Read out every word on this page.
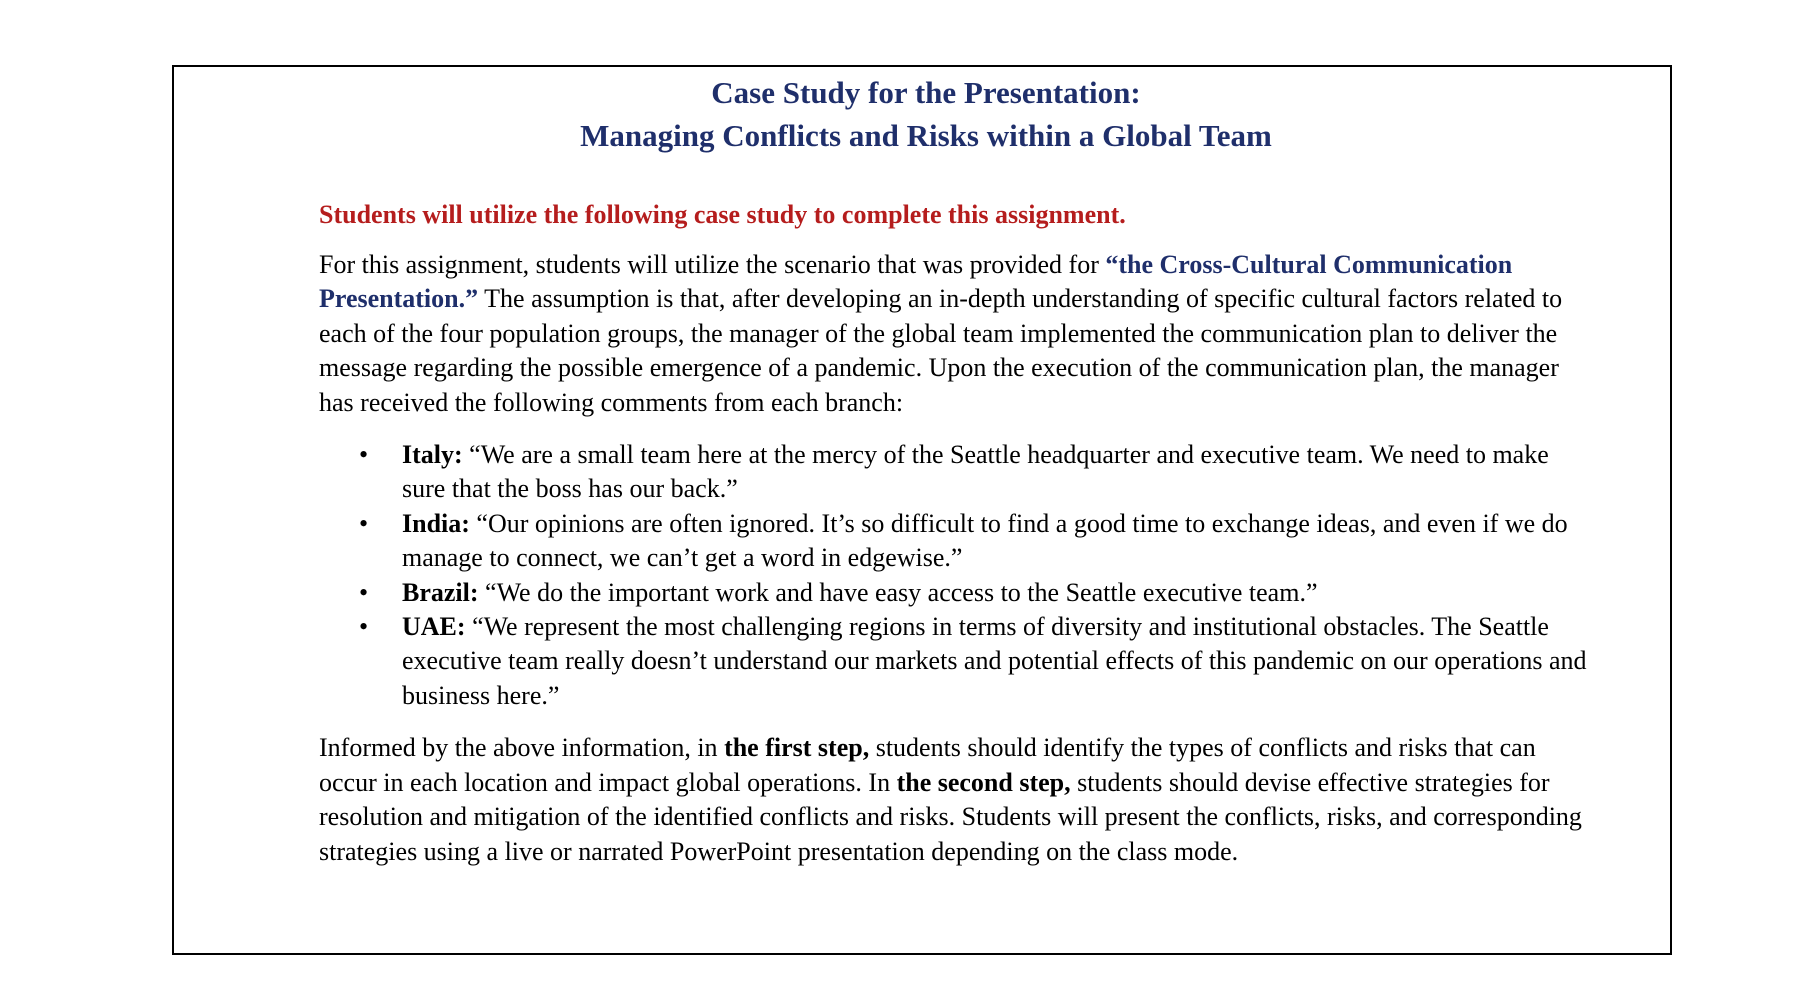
Case Study for the Presentation:
Managing Conflicts and Risks within a Global Team

Students will utilize the following case study to complete this assignment.

For this assignment, students will utilize the scenario that was provided for “the Cross-Cultural Communication Presentation.” The assumption is that, after developing an in-depth understanding of specific cultural factors related to each of the four population groups, the manager of the global team implemented the communication plan to deliver the message regarding the possible emergence of a pandemic. Upon the execution of the communication plan, the manager has received the following comments from each branch:

• Italy: “We are a small team here at the mercy of the Seattle headquarter and executive team. We need to make sure that the boss has our back.”
• India: “Our opinions are often ignored. It’s so difficult to find a good time to exchange ideas, and even if we do manage to connect, we can’t get a word in edgewise.”
• Brazil: “We do the important work and have easy access to the Seattle executive team.”
• UAE: “We represent the most challenging regions in terms of diversity and institutional obstacles. The Seattle executive team really doesn’t understand our markets and potential effects of this pandemic on our operations and business here.”

Informed by the above information, in the first step, students should identify the types of conflicts and risks that can occur in each location and impact global operations. In the second step, students should devise effective strategies for resolution and mitigation of the identified conflicts and risks. Students will present the conflicts, risks, and corresponding strategies using a live or narrated PowerPoint presentation depending on the class mode.
